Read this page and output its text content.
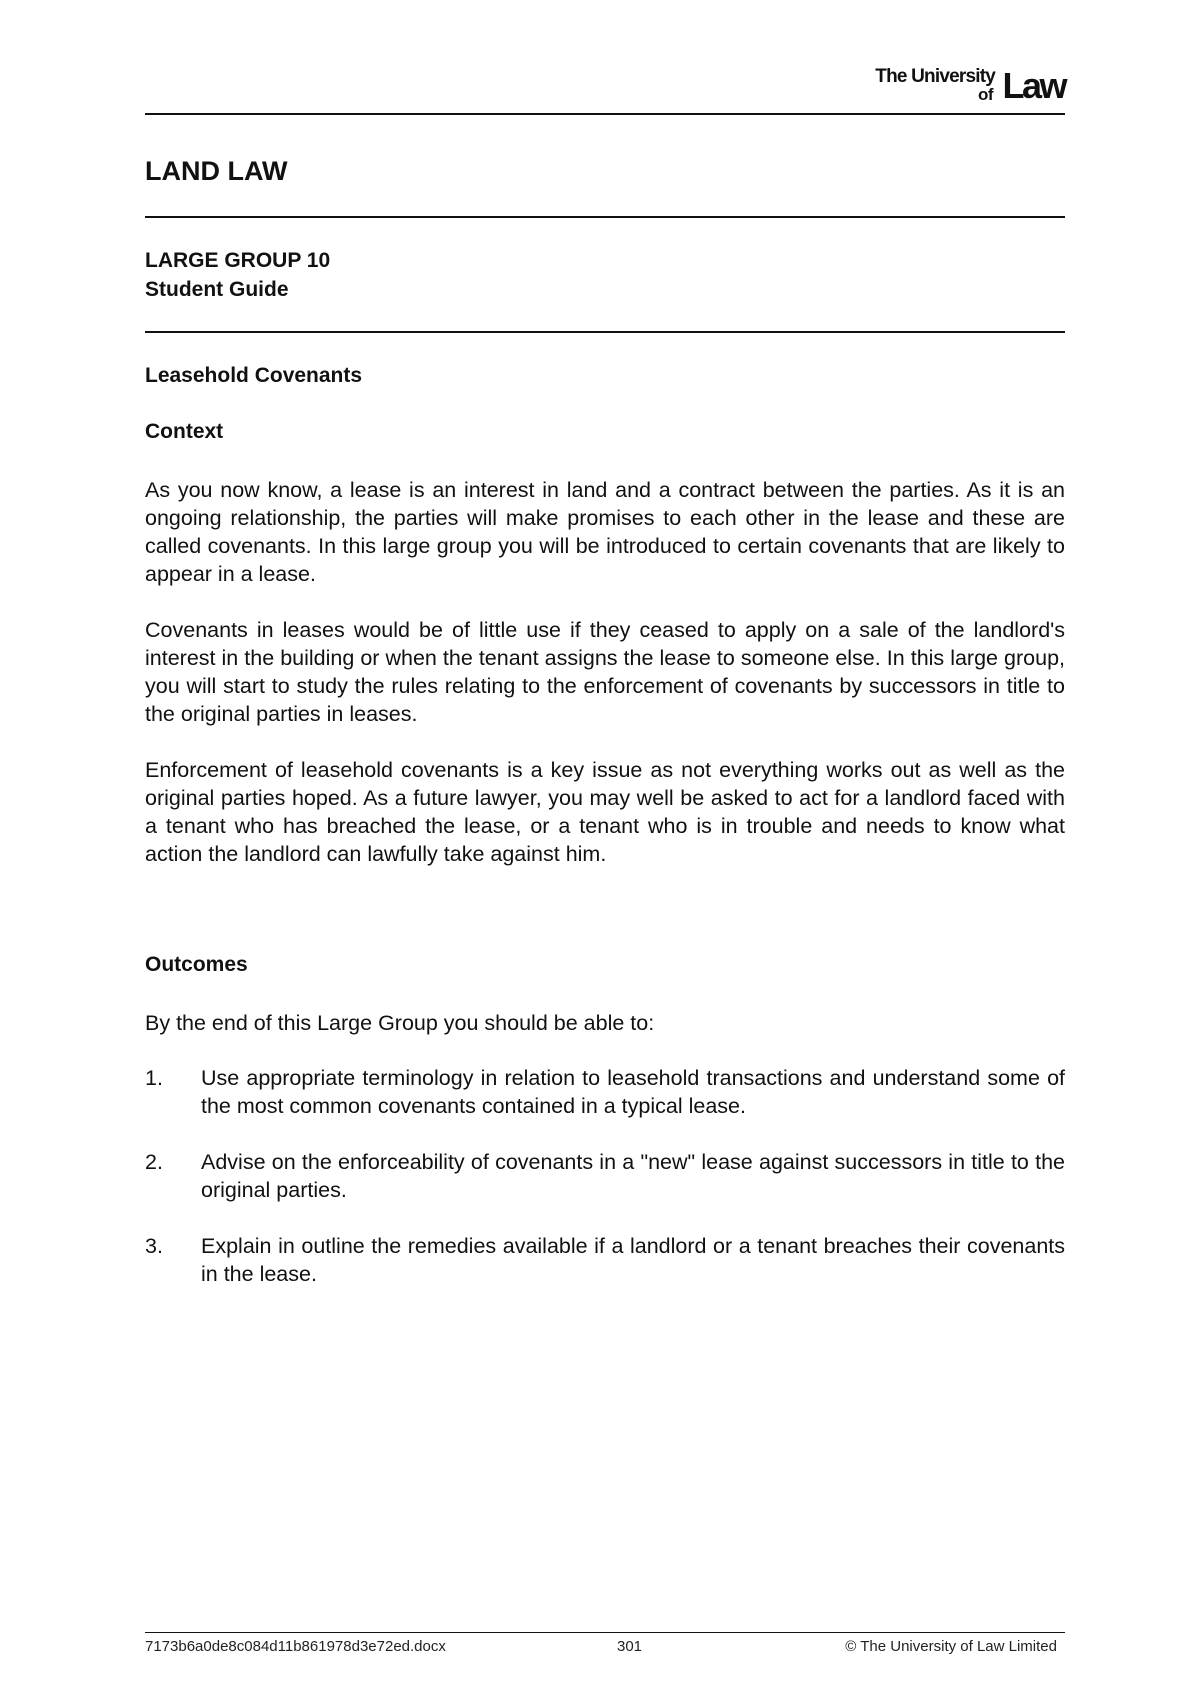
The University
of Law
LAND LAW
LARGE GROUP 10
Student Guide
Leasehold Covenants
Context

As you now know, a lease is an interest in land and a contract between the parties. As it is an ongoing relationship, the parties will make promises to each other in the lease and these are called covenants. In this large group you will be introduced to certain covenants that are likely to appear in a lease.

Covenants in leases would be of little use if they ceased to apply on a sale of the landlord's interest in the building or when the tenant assigns the lease to someone else. In this large group, you will start to study the rules relating to the enforcement of covenants by successors in title to the original parties in leases.

Enforcement of leasehold covenants is a key issue as not everything works out as well as the original parties hoped. As a future lawyer, you may well be asked to act for a landlord faced with a tenant who has breached the lease, or a tenant who is in trouble and needs to know what action the landlord can lawfully take against him.

Outcomes

By the end of this Large Group you should be able to:

1.	Use appropriate terminology in relation to leasehold transactions and understand some of the most common covenants contained in a typical lease.
2.	Advise on the enforceability of covenants in a "new" lease against successors in title to the original parties.
3.	Explain in outline the remedies available if a landlord or a tenant breaches their covenants in the lease.
7173b6a0de8c084d11b861978d3e72ed.docx	301	© The University of Law Limited
